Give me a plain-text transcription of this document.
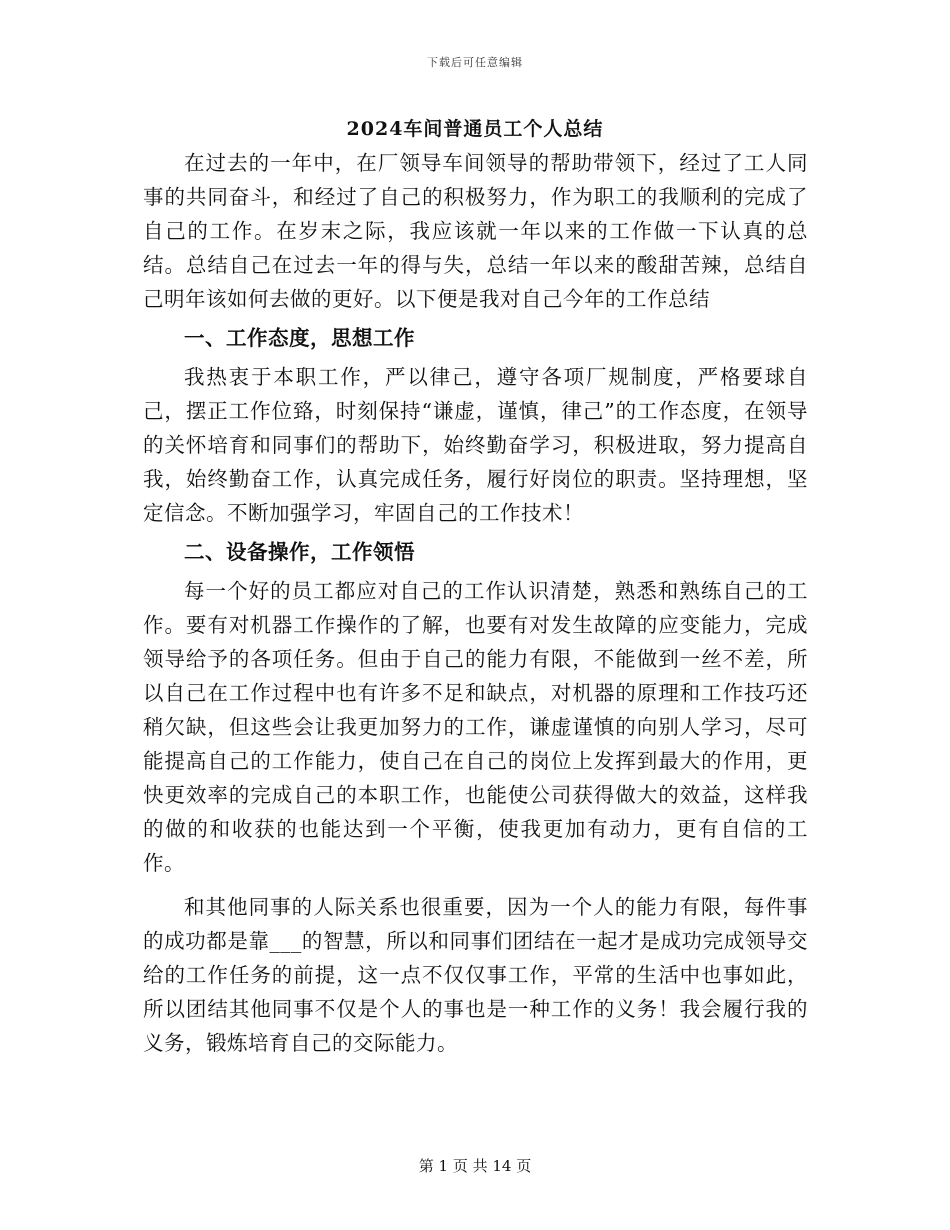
下载后可任意编辑
2024车间普通员工个人总结

在过去的一年中，在厂领导车间领导的帮助带领下，经过了工人同事的共同奋斗，和经过了自己的积极努力，作为职工的我顺利的完成了自己的工作。在岁末之际，我应该就一年以来的工作做一下认真的总结。总结自己在过去一年的得与失，总结一年以来的酸甜苦辣，总结自己明年该如何去做的更好。以下便是我对自己今年的工作总结

一、工作态度，思想工作

我热衷于本职工作，严以律己，遵守各项厂规制度，严格要球自己，摆正工作位臵，时刻保持“谦虚，谨慎，律己”的工作态度，在领导的关怀培育和同事们的帮助下，始终勤奋学习，积极进取，努力提高自我，始终勤奋工作，认真完成任务，履行好岗位的职责。坚持理想，坚定信念。不断加强学习，牢固自己的工作技术！

二、设备操作，工作领悟

每一个好的员工都应对自己的工作认识清楚，熟悉和熟练自己的工作。要有对机器工作操作的了解，也要有对发生故障的应变能力，完成领导给予的各项任务。但由于自己的能力有限，不能做到一丝不差，所以自己在工作过程中也有许多不足和缺点，对机器的原理和工作技巧还稍欠缺，但这些会让我更加努力的工作，谦虚谨慎的向别人学习，尽可能提高自己的工作能力，使自己在自己的岗位上发挥到最大的作用，更快更效率的完成自己的本职工作，也能使公司获得做大的效益，这样我的做的和收获的也能达到一个平衡，使我更加有动力，更有自信的工作。

和其他同事的人际关系也很重要，因为一个人的能力有限，每件事的成功都是靠___的智慧，所以和同事们团结在一起才是成功完成领导交给的工作任务的前提，这一点不仅仅事工作，平常的生活中也事如此，所以团结其他同事不仅是个人的事也是一种工作的义务！我会履行我的义务，锻炼培育自己的交际能力。

第 1 页 共 14 页
